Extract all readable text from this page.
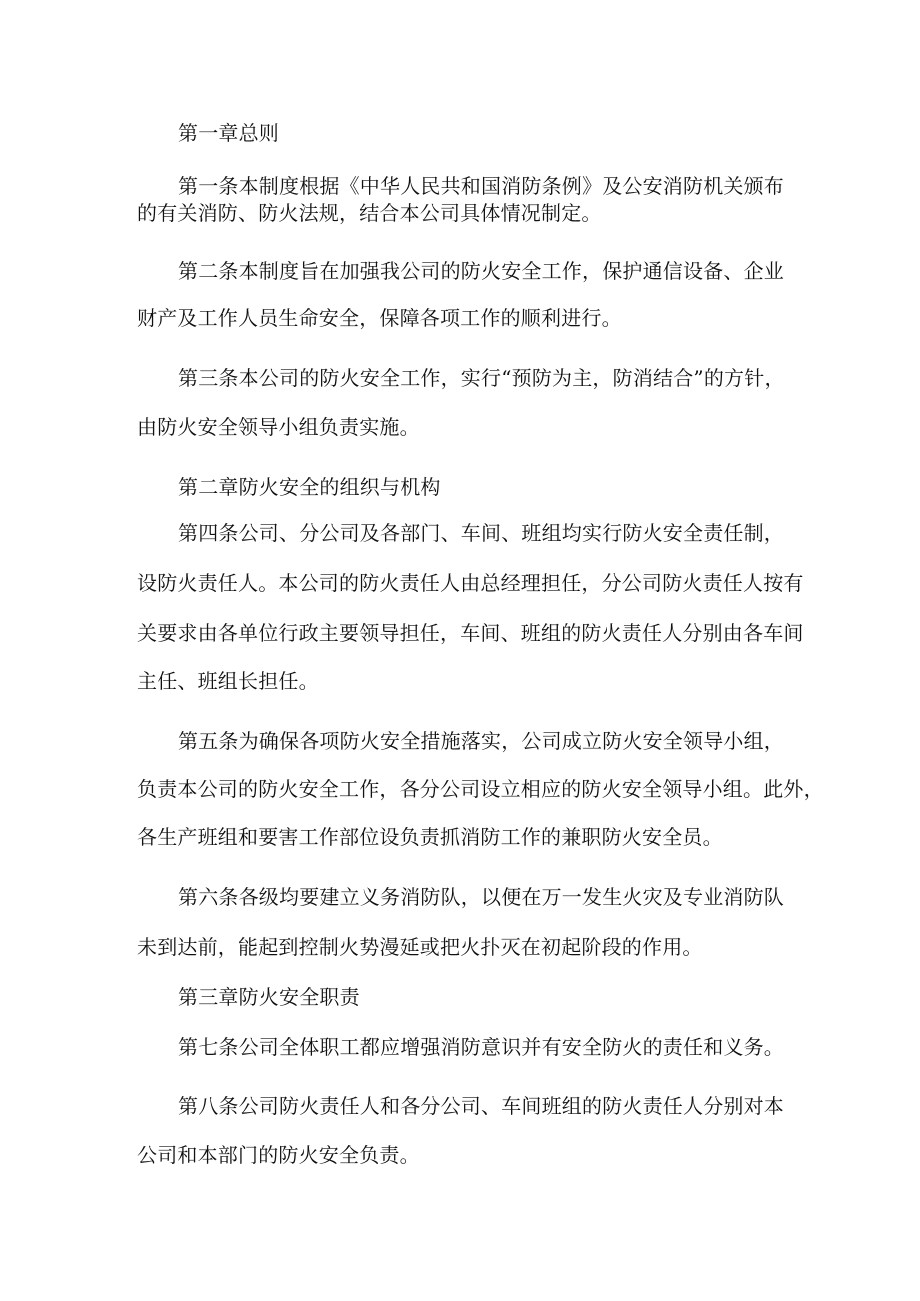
第一章总则
第一条本制度根据《中华人民共和国消防条例》及公安消防机关颁布
的有关消防、防火法规，结合本公司具体情况制定。
第二条本制度旨在加强我公司的防火安全工作，保护通信设备、企业
财产及工作人员生命安全，保障各项工作的顺利进行。
第三条本公司的防火安全工作，实行“预防为主，防消结合”的方针，
由防火安全领导小组负责实施。
第二章防火安全的组织与机构
第四条公司、分公司及各部门、车间、班组均实行防火安全责任制，
设防火责任人。本公司的防火责任人由总经理担任，分公司防火责任人按有
关要求由各单位行政主要领导担任，车间、班组的防火责任人分别由各车间
主任、班组长担任。
第五条为确保各项防火安全措施落实，公司成立防火安全领导小组，
负责本公司的防火安全工作，各分公司设立相应的防火安全领导小组。此外，
各生产班组和要害工作部位设负责抓消防工作的兼职防火安全员。
第六条各级均要建立义务消防队，以便在万一发生火灾及专业消防队
未到达前，能起到控制火势漫延或把火扑灭在初起阶段的作用。
第三章防火安全职责
第七条公司全体职工都应增强消防意识并有安全防火的责任和义务。
第八条公司防火责任人和各分公司、车间班组的防火责任人分别对本
公司和本部门的防火安全负责。
